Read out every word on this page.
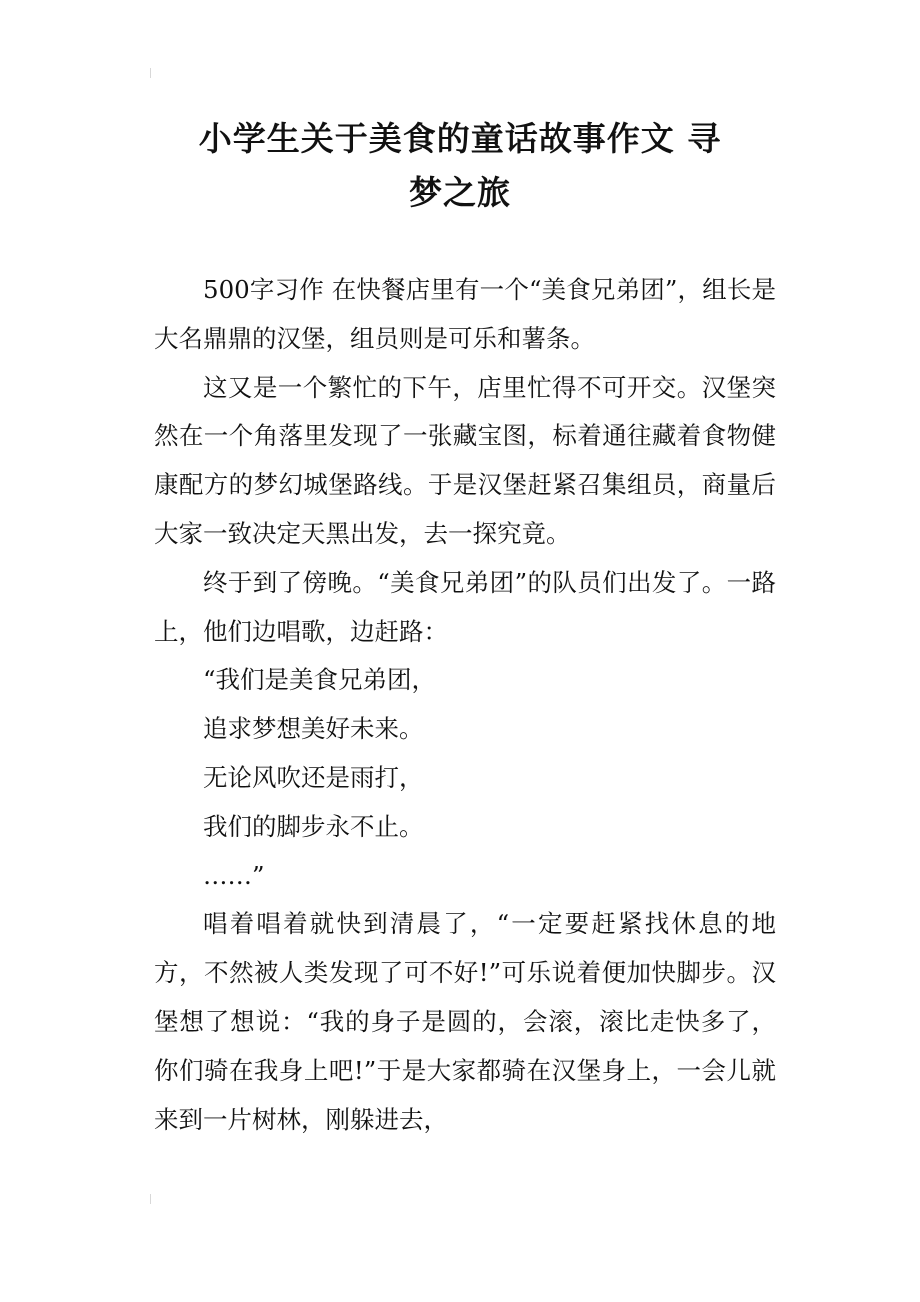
小学生关于美食的童话故事作文 寻
梦之旅

500字习作 在快餐店里有一个“美食兄弟团”，组长是大名鼎鼎的汉堡，组员则是可乐和薯条。

这又是一个繁忙的下午，店里忙得不可开交。汉堡突然在一个角落里发现了一张藏宝图，标着通往藏着食物健康配方的梦幻城堡路线。于是汉堡赶紧召集组员，商量后大家一致决定天黑出发，去一探究竟。

终于到了傍晚。“美食兄弟团”的队员们出发了。一路上，他们边唱歌，边赶路：

“我们是美食兄弟团，

追求梦想美好未来。

无论风吹还是雨打，

我们的脚步永不止。

……”

唱着唱着就快到清晨了，“一定要赶紧找休息的地方，不然被人类发现了可不好!”可乐说着便加快脚步。汉堡想了想说：“我的身子是圆的，会滚，滚比走快多了，你们骑在我身上吧!”于是大家都骑在汉堡身上，一会儿就来到一片树林，刚躲进去，
